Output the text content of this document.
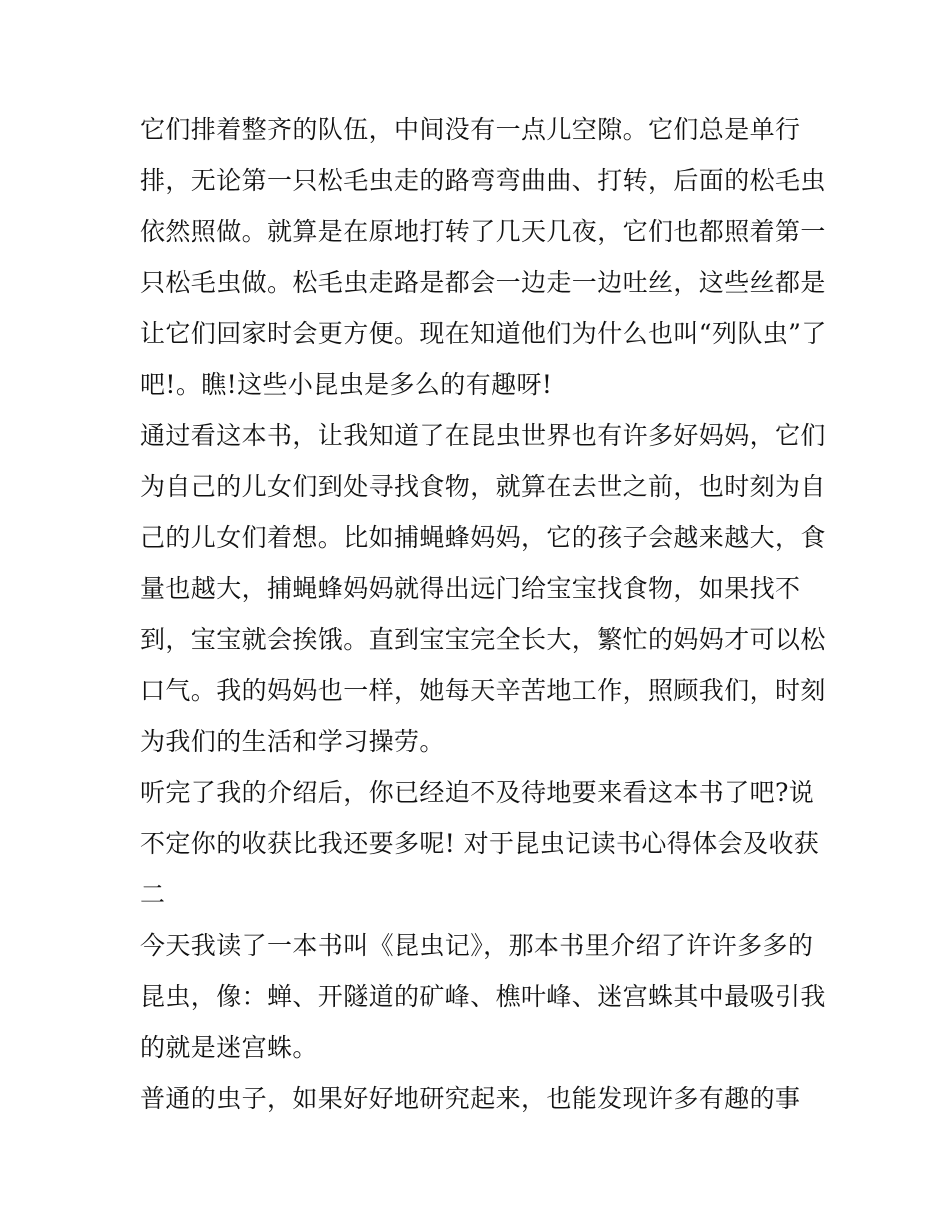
它们排着整齐的队伍，中间没有一点儿空隙。它们总是单行
排，无论第一只松毛虫走的路弯弯曲曲、打转，后面的松毛虫
依然照做。就算是在原地打转了几天几夜，它们也都照着第一
只松毛虫做。松毛虫走路是都会一边走一边吐丝，这些丝都是
让它们回家时会更方便。现在知道他们为什么也叫“列队虫”了
吧!。瞧!这些小昆虫是多么的有趣呀!
通过看这本书，让我知道了在昆虫世界也有许多好妈妈，它们
为自己的儿女们到处寻找食物，就算在去世之前，也时刻为自
己的儿女们着想。比如捕蝇蜂妈妈，它的孩子会越来越大，食
量也越大，捕蝇蜂妈妈就得出远门给宝宝找食物，如果找不
到，宝宝就会挨饿。直到宝宝完全长大，繁忙的妈妈才可以松
口气。我的妈妈也一样，她每天辛苦地工作，照顾我们，时刻
为我们的生活和学习操劳。
听完了我的介绍后，你已经迫不及待地要来看这本书了吧?说
不定你的收获比我还要多呢! 对于昆虫记读书心得体会及收获
二
今天我读了一本书叫《昆虫记》，那本书里介绍了许许多多的
昆虫，像：蝉、开隧道的矿峰、樵叶峰、迷宫蛛其中最吸引我
的就是迷宫蛛。
普通的虫子，如果好好地研究起来，也能发现许多有趣的事
